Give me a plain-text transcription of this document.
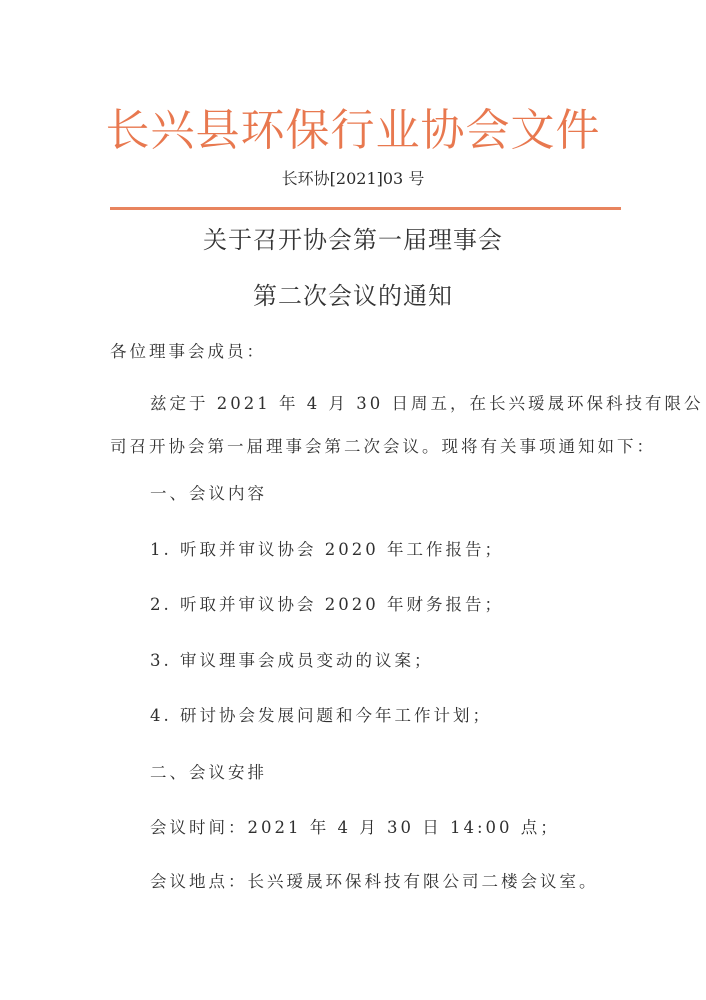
长兴县环保行业协会文件
长环协[2021]03 号
关于召开协会第一届理事会
第二次会议的通知
各位理事会成员：
兹定于 2021 年 4 月 30 日周五，在长兴瑷晟环保科技有限公
司召开协会第一届理事会第二次会议。现将有关事项通知如下：
一、会议内容
1. 听取并审议协会 2020 年工作报告；
2. 听取并审议协会 2020 年财务报告；
3. 审议理事会成员变动的议案；
4. 研讨协会发展问题和今年工作计划；
二、会议安排
会议时间：2021 年 4 月 30 日 14:00 点；
会议地点：长兴瑷晟环保科技有限公司二楼会议室。
